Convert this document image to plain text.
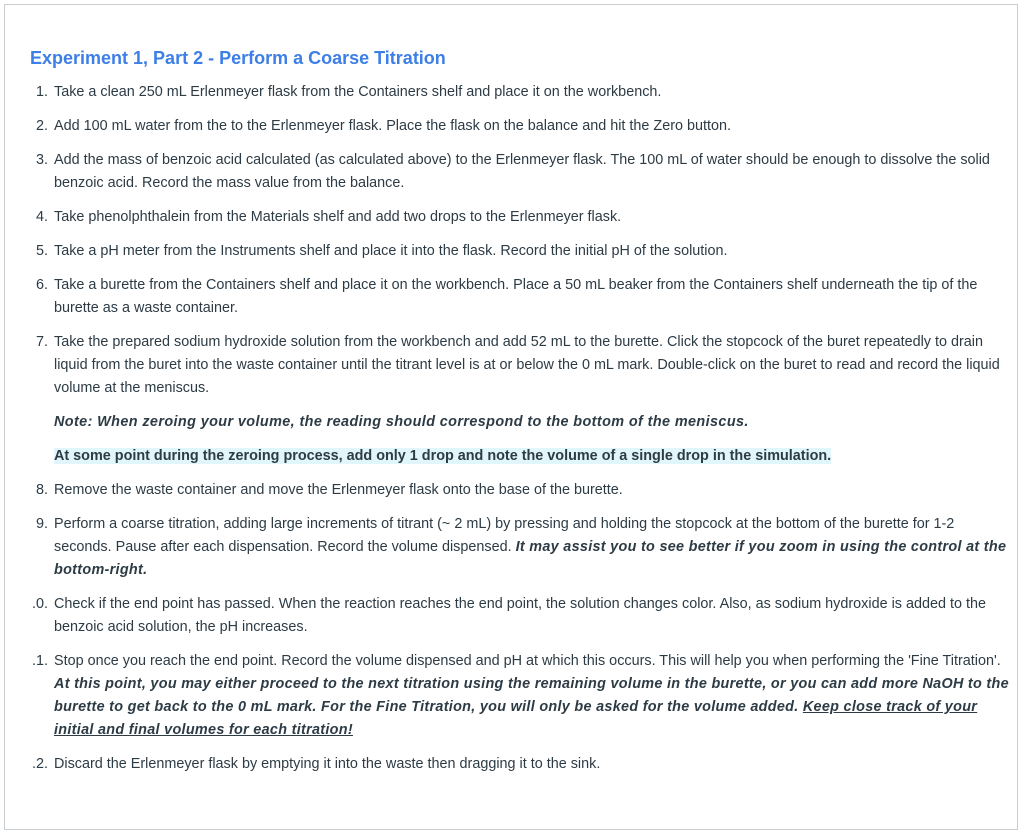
Experiment 1, Part 2 - Perform a Coarse Titration
1. Take a clean 250 mL Erlenmeyer flask from the Containers shelf and place it on the workbench.
2. Add 100 mL water from the to the Erlenmeyer flask. Place the flask on the balance and hit the Zero button.
3. Add the mass of benzoic acid calculated (as calculated above) to the Erlenmeyer flask. The 100 mL of water should be enough to dissolve the solid benzoic acid. Record the mass value from the balance.
4. Take phenolphthalein from the Materials shelf and add two drops to the Erlenmeyer flask.
5. Take a pH meter from the Instruments shelf and place it into the flask. Record the initial pH of the solution.
6. Take a burette from the Containers shelf and place it on the workbench. Place a 50 mL beaker from the Containers shelf underneath the tip of the burette as a waste container.
7. Take the prepared sodium hydroxide solution from the workbench and add 52 mL to the burette. Click the stopcock of the buret repeatedly to drain liquid from the buret into the waste container until the titrant level is at or below the 0 mL mark. Double-click on the buret to read and record the liquid volume at the meniscus.
Note: When zeroing your volume, the reading should correspond to the bottom of the meniscus.
At some point during the zeroing process, add only 1 drop and note the volume of a single drop in the simulation.
8. Remove the waste container and move the Erlenmeyer flask onto the base of the burette.
9. Perform a coarse titration, adding large increments of titrant (~ 2 mL) by pressing and holding the stopcock at the bottom of the burette for 1-2 seconds. Pause after each dispensation. Record the volume dispensed. It may assist you to see better if you zoom in using the control at the bottom-right.
.0. Check if the end point has passed. When the reaction reaches the end point, the solution changes color. Also, as sodium hydroxide is added to the benzoic acid solution, the pH increases.
.1. Stop once you reach the end point. Record the volume dispensed and pH at which this occurs. This will help you when performing the 'Fine Titration'. At this point, you may either proceed to the next titration using the remaining volume in the burette, or you can add more NaOH to the burette to get back to the 0 mL mark. For the Fine Titration, you will only be asked for the volume added. Keep close track of your initial and final volumes for each titration!
.2. Discard the Erlenmeyer flask by emptying it into the waste then dragging it to the sink.
